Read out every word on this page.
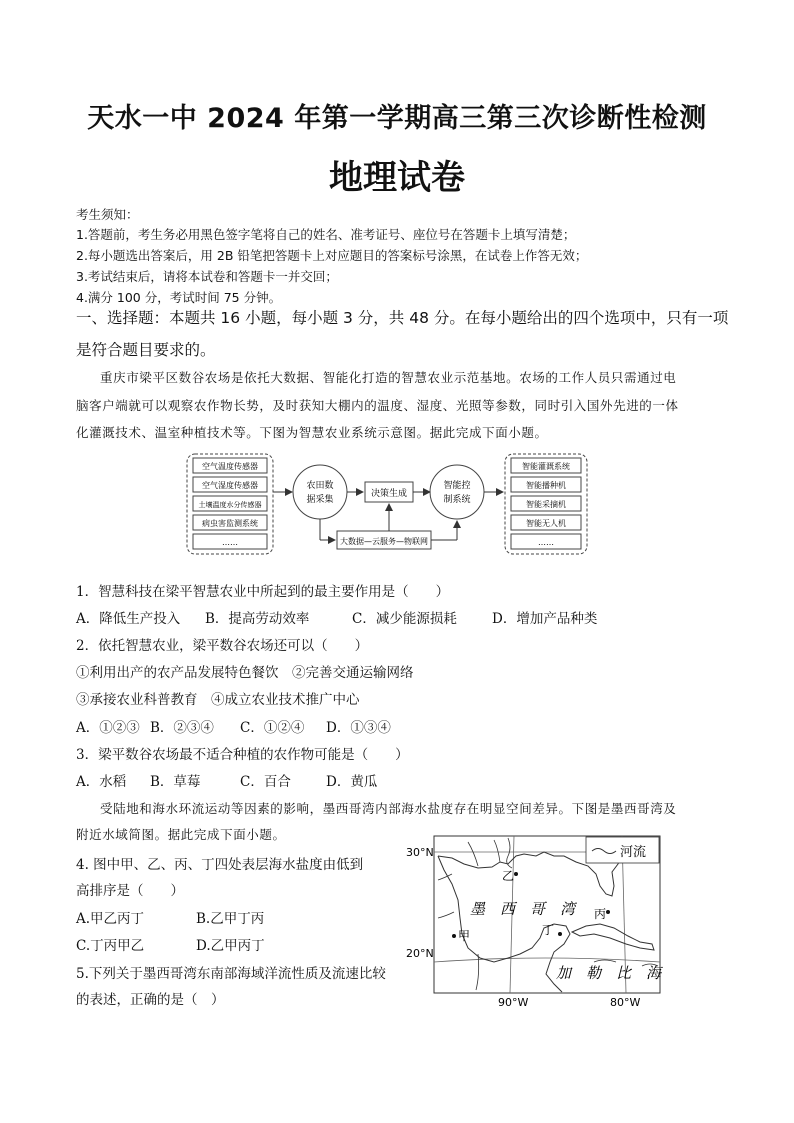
天水一中 2024 年第一学期高三第三次诊断性检测
地理试卷
考生须知：
1.答题前，考生务必用黑色签字笔将自己的姓名、准考证号、座位号在答题卡上填写清楚；
2.每小题选出答案后，用 2B 铅笔把答题卡上对应题目的答案标号涂黑，在试卷上作答无效；
3.考试结束后，请将本试卷和答题卡一并交回；
4.满分 100 分，考试时间 75 分钟。
一、选择题：本题共 16 小题，每小题 3 分，共 48 分。在每小题给出的四个选项中，只有一项
是符合题目要求的。
重庆市梁平区数谷农场是依托大数据、智能化打造的智慧农业示范基地。农场的工作人员只需通过电
脑客户端就可以观察农作物长势，及时获知大棚内的温度、湿度、光照等参数，同时引入国外先进的一体
化灌溉技术、温室种植技术等。下图为智慧农业系统示意图。据此完成下面小题。
空气温度传感器
空气湿度传感器
土壤温度水分传感器
病虫害监测系统
……
农田数
据采集
决策生成
智能控
制系统
智能灌溉系统
智能播种机
智能采摘机
智能无人机
……
大数据—云服务—物联网
1．智慧科技在梁平智慧农业中所起到的最主要作用是（　　）
A．降低生产投入 B．提高劳动效率	C．减少能源损耗	D．增加产品种类
2．依托智慧农业，梁平数谷农场还可以（　　）
①利用出产的农产品发展特色餐饮　②完善交通运输网络
③承接农业科普教育　④成立农业技术推广中心
A．①②③ B．②③④ C．①②④ D．①③④
3．梁平数谷农场最不适合种植的农作物可能是（　　）
A．水稻 B．草莓	C．百合	D．黄瓜
受陆地和海水环流运动等因素的影响，墨西哥湾内部海水盐度存在明显空间差异。下图是墨西哥湾及
附近水域简图。据此完成下面小题。
4. 图中甲、乙、丙、丁四处表层海水盐度由低到
高排序是（　　）
A.甲乙丙丁	B.乙甲丁丙
C.丁丙甲乙	D.乙甲丙丁
5.下列关于墨西哥湾东南部海域洋流性质及流速比较
的表述，正确的是（　）
河流
30°N
20°N
90°W	80°W
墨　西　哥　湾
加　勒　比　海
甲
乙
丙
丁
